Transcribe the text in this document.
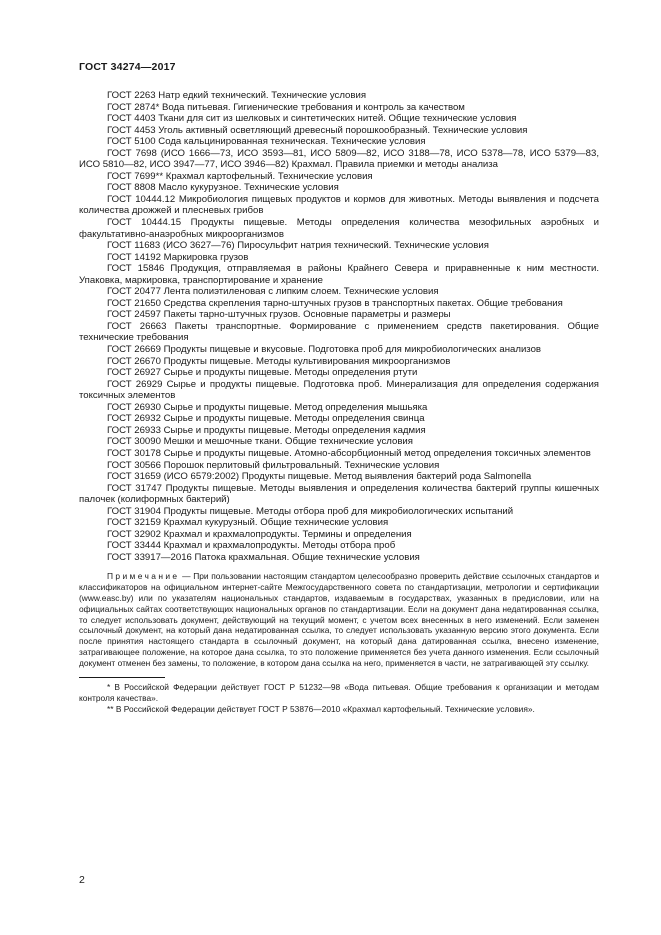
ГОСТ 34274—2017

ГОСТ 2263 Натр едкий технический. Технические условия

ГОСТ 2874* Вода питьевая. Гигиенические требования и контроль за качеством

ГОСТ 4403 Ткани для сит из шелковых и синтетических нитей. Общие технические условия

ГОСТ 4453 Уголь активный осветляющий древесный порошкообразный. Технические условия

ГОСТ 5100 Сода кальцинированная техническая. Технические условия

ГОСТ 7698 (ИСО 1666—73, ИСО 3593—81, ИСО 5809—82, ИСО 3188—78, ИСО 5378—78, ИСО 5379—83, ИСО 5810—82, ИСО 3947—77, ИСО 3946—82) Крахмал. Правила приемки и методы анализа

ГОСТ 7699** Крахмал картофельный. Технические условия

ГОСТ 8808 Масло кукурузное. Технические условия

ГОСТ 10444.12 Микробиология пищевых продуктов и кормов для животных. Методы выявления и подсчета количества дрожжей и плесневых грибов

ГОСТ 10444.15 Продукты пищевые. Методы определения количества мезофильных аэробных и факультативно-анаэробных микроорганизмов

ГОСТ 11683 (ИСО 3627—76) Пиросульфит натрия технический. Технические условия

ГОСТ 14192 Маркировка грузов

ГОСТ 15846 Продукция, отправляемая в районы Крайнего Севера и приравненные к ним местности. Упаковка, маркировка, транспортирование и хранение

ГОСТ 20477 Лента полиэтиленовая с липким слоем. Технические условия

ГОСТ 21650 Средства скрепления тарно-штучных грузов в транспортных пакетах. Общие требования

ГОСТ 24597 Пакеты тарно-штучных грузов. Основные параметры и размеры

ГОСТ 26663 Пакеты транспортные. Формирование с применением средств пакетирования. Общие технические требования

ГОСТ 26669 Продукты пищевые и вкусовые. Подготовка проб для микробиологических анализов

ГОСТ 26670 Продукты пищевые. Методы культивирования микроорганизмов

ГОСТ 26927 Сырье и продукты пищевые. Методы определения ртути

ГОСТ 26929 Сырье и продукты пищевые. Подготовка проб. Минерализация для определения содержания токсичных элементов

ГОСТ 26930 Сырье и продукты пищевые. Метод определения мышьяка

ГОСТ 26932 Сырье и продукты пищевые. Методы определения свинца

ГОСТ 26933 Сырье и продукты пищевые. Методы определения кадмия

ГОСТ 30090 Мешки и мешочные ткани. Общие технические условия

ГОСТ 30178 Сырье и продукты пищевые. Атомно-абсорбционный метод определения токсичных элементов

ГОСТ 30566 Порошок перлитовый фильтровальный. Технические условия

ГОСТ 31659 (ИСО 6579:2002) Продукты пищевые. Метод выявления бактерий рода Salmonella

ГОСТ 31747 Продукты пищевые. Методы выявления и определения количества бактерий группы кишечных палочек (колиформных бактерий)

ГОСТ 31904 Продукты пищевые. Методы отбора проб для микробиологических испытаний

ГОСТ 32159 Крахмал кукурузный. Общие технические условия

ГОСТ 32902 Крахмал и крахмалопродукты. Термины и определения

ГОСТ 33444 Крахмал и крахмалопродукты. Методы отбора проб

ГОСТ 33917—2016 Патока крахмальная. Общие технические условия

Примечание — При пользовании настоящим стандартом целесообразно проверить действие ссылочных стандартов и классификаторов на официальном интернет-сайте Межгосударственного совета по стандартизации, метрологии и сертификации (www.easc.by) или по указателям национальных стандартов, издаваемым в государствах, указанных в предисловии, или на официальных сайтах соответствующих национальных органов по стандартизации. Если на документ дана недатированная ссылка, то следует использовать документ, действующий на текущий момент, с учетом всех внесенных в него изменений. Если заменен ссылочный документ, на который дана недатированная ссылка, то следует использовать указанную версию этого документа. Если после принятия настоящего стандарта в ссылочный документ, на который дана датированная ссылка, внесено изменение, затрагивающее положение, на которое дана ссылка, то это положение применяется без учета данного изменения. Если ссылочный документ отменен без замены, то положение, в котором дана ссылка на него, применяется в части, не затрагивающей эту ссылку.

* В Российской Федерации действует ГОСТ Р 51232—98 «Вода питьевая. Общие требования к организации и методам контроля качества».

** В Российской Федерации действует ГОСТ Р 53876—2010 «Крахмал картофельный. Технические условия».

2
